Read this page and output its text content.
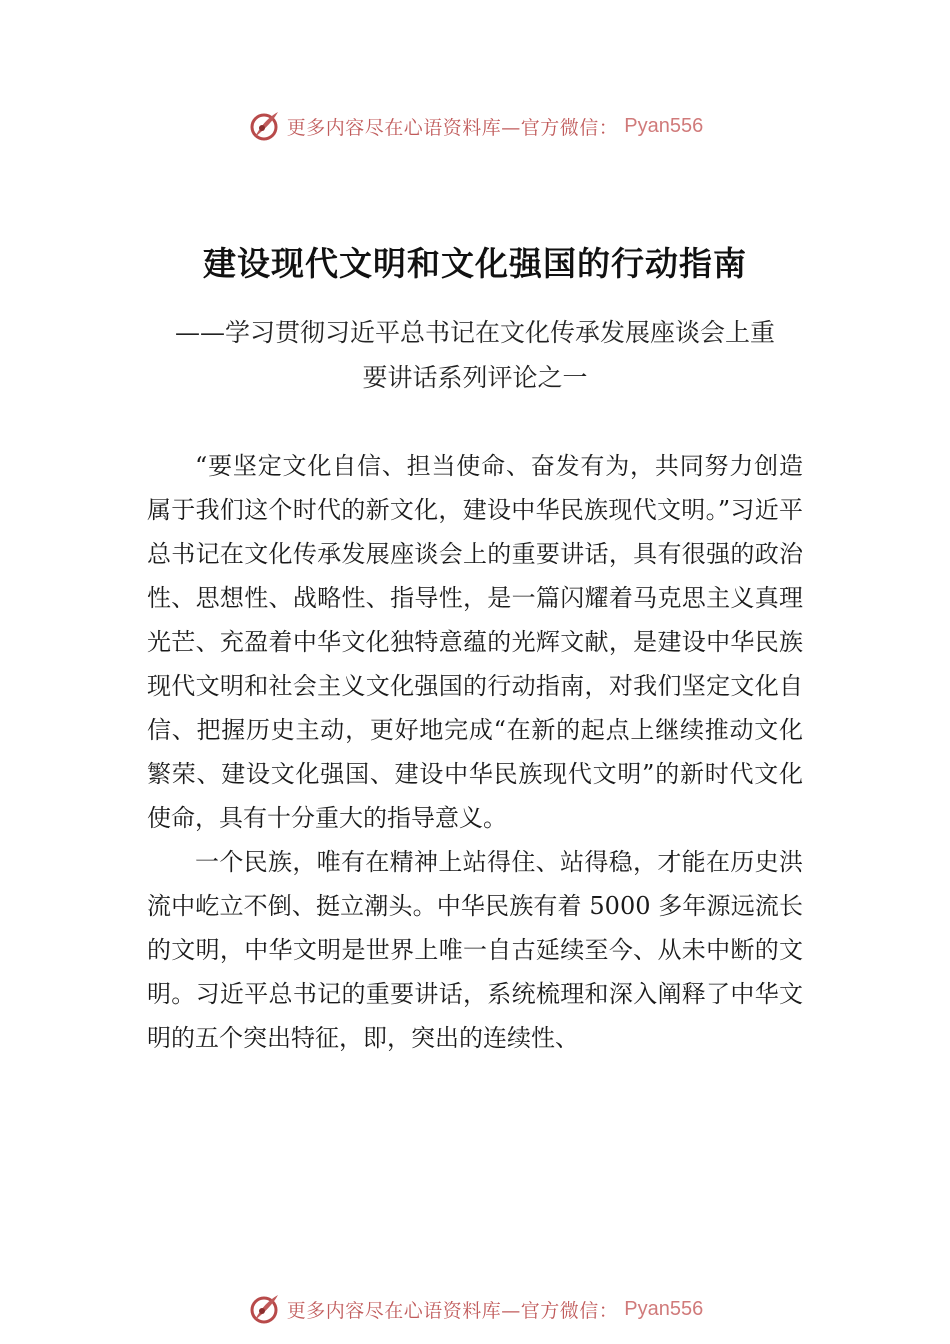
更多内容尽在心语资料库—官方微信： Pyan556
建设现代文明和文化强国的行动指南
——学习贯彻习近平总书记在文化传承发展座谈会上重
要讲话系列评论之一

“要坚定文化自信、担当使命、奋发有为，共同努力创造属于我们这个时代的新文化，建设中华民族现代文明。”习近平总书记在文化传承发展座谈会上的重要讲话，具有很强的政治性、思想性、战略性、指导性，是一篇闪耀着马克思主义真理光芒、充盈着中华文化独特意蕴的光辉文献，是建设中华民族现代文明和社会主义文化强国的行动指南，对我们坚定文化自信、把握历史主动，更好地完成“在新的起点上继续推动文化繁荣、建设文化强国、建设中华民族现代文明”的新时代文化使命，具有十分重大的指导意义。

一个民族，唯有在精神上站得住、站得稳，才能在历史洪流中屹立不倒、挺立潮头。中华民族有着 5000 多年源远流长的文明，中华文明是世界上唯一自古延续至今、从未中断的文明。习近平总书记的重要讲话，系统梳理和深入阐释了中华文明的五个突出特征，即，突出的连续性、

更多内容尽在心语资料库—官方微信： Pyan556
